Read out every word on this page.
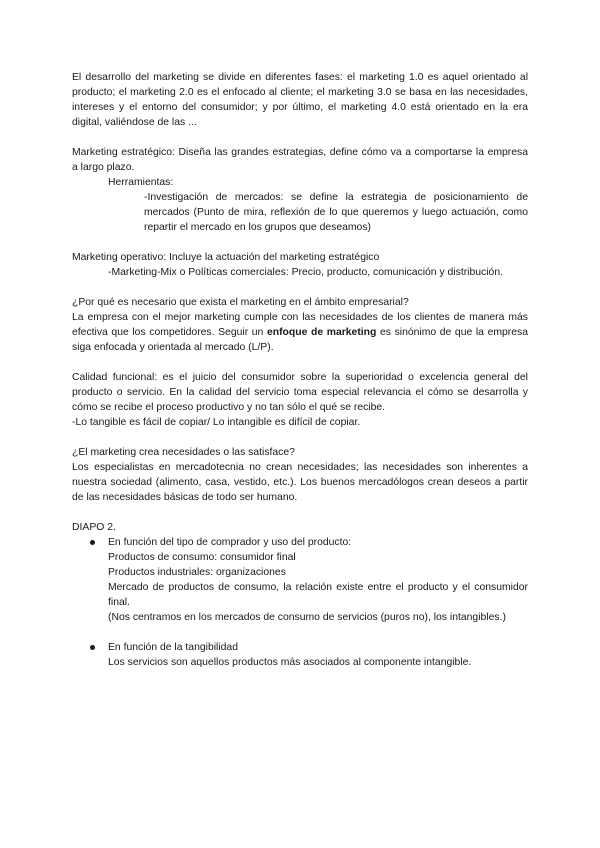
El desarrollo del marketing se divide en diferentes fases: el marketing 1.0 es aquel orientado al producto; el marketing 2.0 es el enfocado al cliente; el marketing 3.0 se basa en las necesidades, intereses y el entorno del consumidor; y por último, el marketing 4.0 está orientado en la era digital, valiéndose de las ...

Marketing estratégico: Diseña las grandes estrategias, define cómo va a comportarse la empresa a largo plazo.

Herramientas:

-Investigación de mercados: se define la estrategia de posicionamiento de mercados (Punto de mira, reflexión de lo que queremos y luego actuación, como repartir el mercado en los grupos que deseamos)

Marketing operativo: Incluye la actuación del marketing estratégico

-Marketing-Mix o Políticas comerciales: Precio, producto, comunicación y distribución.

¿Por qué es necesario que exista el marketing en el ámbito empresarial?

La empresa con el mejor marketing cumple con las necesidades de los clientes de manera más efectiva que los competidores. Seguir un enfoque de marketing es sinónimo de que la empresa siga enfocada y orientada al mercado (L/P).

Calidad funcional: es el juicio del consumidor sobre la superioridad o excelencia general del producto o servicio. En la calidad del servicio toma especial relevancia el cómo se desarrolla y cómo se recibe el proceso productivo y no tan sólo el qué se recibe.

-Lo tangible es fácil de copiar/ Lo intangible es difícil de copiar.

¿El marketing crea necesidades o las satisface?

Los especialistas en mercadotecnia no crean necesidades; las necesidades son inherentes a nuestra sociedad (alimento, casa, vestido, etc.). Los buenos mercadólogos crean deseos a partir de las necesidades básicas de todo ser humano.

DIAPO 2.

En función del tipo de comprador y uso del producto:

Productos de consumo: consumidor final

Productos industriales: organizaciones

Mercado de productos de consumo, la relación existe entre el producto y el consumidor final.

(Nos centramos en los mercados de consumo de servicios (puros no), los intangibles.)

En función de la tangibilidad

Los servicios son aquellos productos más asociados al componente intangible.
